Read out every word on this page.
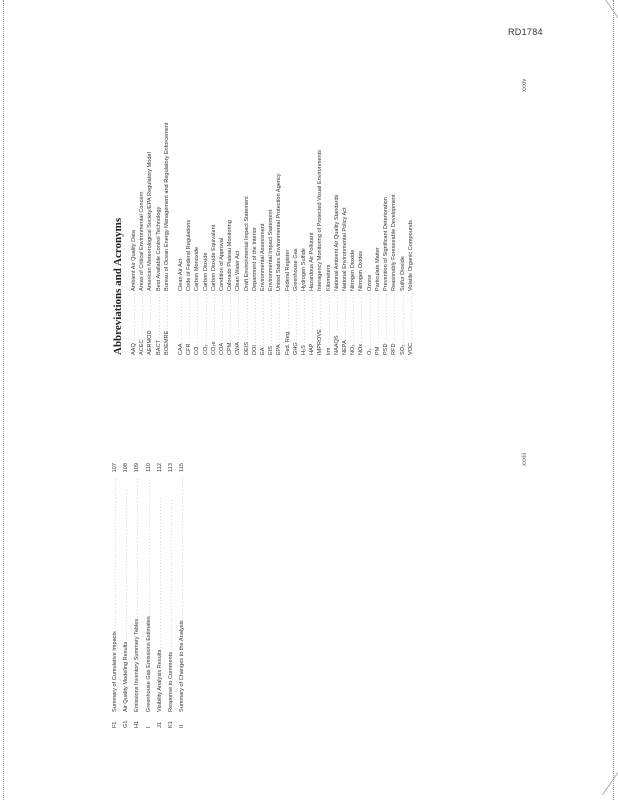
RD1784
xxxiv
xxxiii
Abbreviations and Acronyms AAQ . . .
Ambient Air Quality Data
ACEC . . .
Areas of Critical Environmental Concern
AERMOD . . .
American Meteorological Society/EPA Regulatory Model
BACT . . .
Best Available Control Technology
BOEMRE . . .
Bureau of Ocean Energy Management and Regulatory Enforcement
CAA . . .
Clean Air Act
CFR . . .
Code of Federal Regulations
CO . . .
Carbon Monoxide
CO₂ . . .
Carbon Dioxide
CO₂e . . .
Carbon Dioxide Equivalent
COA . . .
Condition of Approval
CPM . . .
Colorado Plateau Monitoring
CWA . . .
Clean Water Act
DEIS . . .
Draft Environmental Impact Statement
DOI . . .
Department of the Interior
EA . . .
Environmental Assessment
EIS . . .
Environmental Impact Statement
EPA . . .
United States Environmental Protection Agency
Fed. Reg. . . .
Federal Register
GHG . . .
Greenhouse Gas
H₂S . . .
Hydrogen Sulfide
HAP . . .
Hazardous Air Pollutant
IMPROVE . . .
Interagency Monitoring of Protected Visual Environments
km . . .
Kilometers
NAAQS . . .
National Ambient Air Quality Standards
NEPA . . .
National Environmental Policy Act
NO₂ . . .
Nitrogen Dioxide
NOx . . .
Nitrogen Oxides
O₃ . . .
Ozone
PM . . .
Particulate Matter
PSD . . .
Prevention of Significant Deterioration
RFD . . .
Reasonably Foreseeable Development
SO₂ . . .
Sulfur Dioxide
VOC . . .
Volatile Organic Compounds
F1
Summary of Cumulative Impacts . . .
107
G1
Air Quality Modeling Results . . .
108
H1
Emissions Inventory Summary Tables . . .
109
I
Greenhouse Gas Emissions Estimates . . .
110
J1
Visibility Analysis Results . . .
112
K1
Response to Comments . . .
113
II
Summary of Changes to the Analysis . . .
115
